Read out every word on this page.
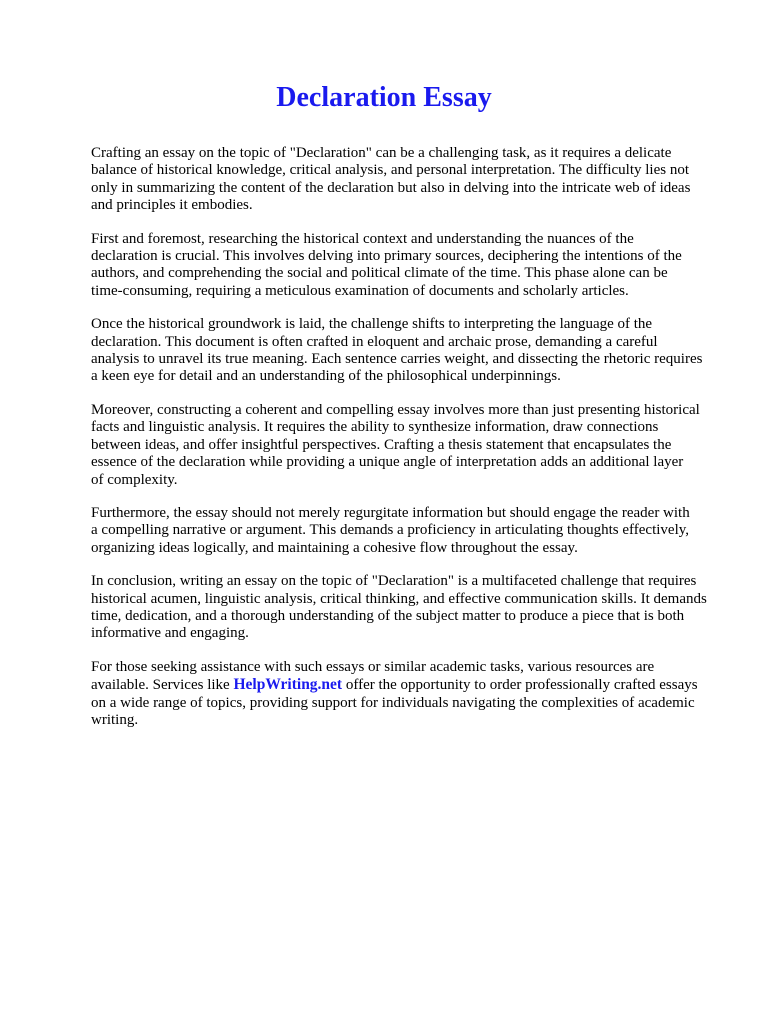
Declaration Essay

Crafting an essay on the topic of "Declaration" can be a challenging task, as it requires a delicate
balance of historical knowledge, critical analysis, and personal interpretation. The difficulty lies not
only in summarizing the content of the declaration but also in delving into the intricate web of ideas
and principles it embodies.

First and foremost, researching the historical context and understanding the nuances of the
declaration is crucial. This involves delving into primary sources, deciphering the intentions of the
authors, and comprehending the social and political climate of the time. This phase alone can be
time-consuming, requiring a meticulous examination of documents and scholarly articles.

Once the historical groundwork is laid, the challenge shifts to interpreting the language of the
declaration. This document is often crafted in eloquent and archaic prose, demanding a careful
analysis to unravel its true meaning. Each sentence carries weight, and dissecting the rhetoric requires
a keen eye for detail and an understanding of the philosophical underpinnings.

Moreover, constructing a coherent and compelling essay involves more than just presenting historical
facts and linguistic analysis. It requires the ability to synthesize information, draw connections
between ideas, and offer insightful perspectives. Crafting a thesis statement that encapsulates the
essence of the declaration while providing a unique angle of interpretation adds an additional layer
of complexity.

Furthermore, the essay should not merely regurgitate information but should engage the reader with
a compelling narrative or argument. This demands a proficiency in articulating thoughts effectively,
organizing ideas logically, and maintaining a cohesive flow throughout the essay.

In conclusion, writing an essay on the topic of "Declaration" is a multifaceted challenge that requires
historical acumen, linguistic analysis, critical thinking, and effective communication skills. It demands
time, dedication, and a thorough understanding of the subject matter to produce a piece that is both
informative and engaging.

For those seeking assistance with such essays or similar academic tasks, various resources are
available. Services like HelpWriting.net offer the opportunity to order professionally crafted essays
on a wide range of topics, providing support for individuals navigating the complexities of academic
writing.
